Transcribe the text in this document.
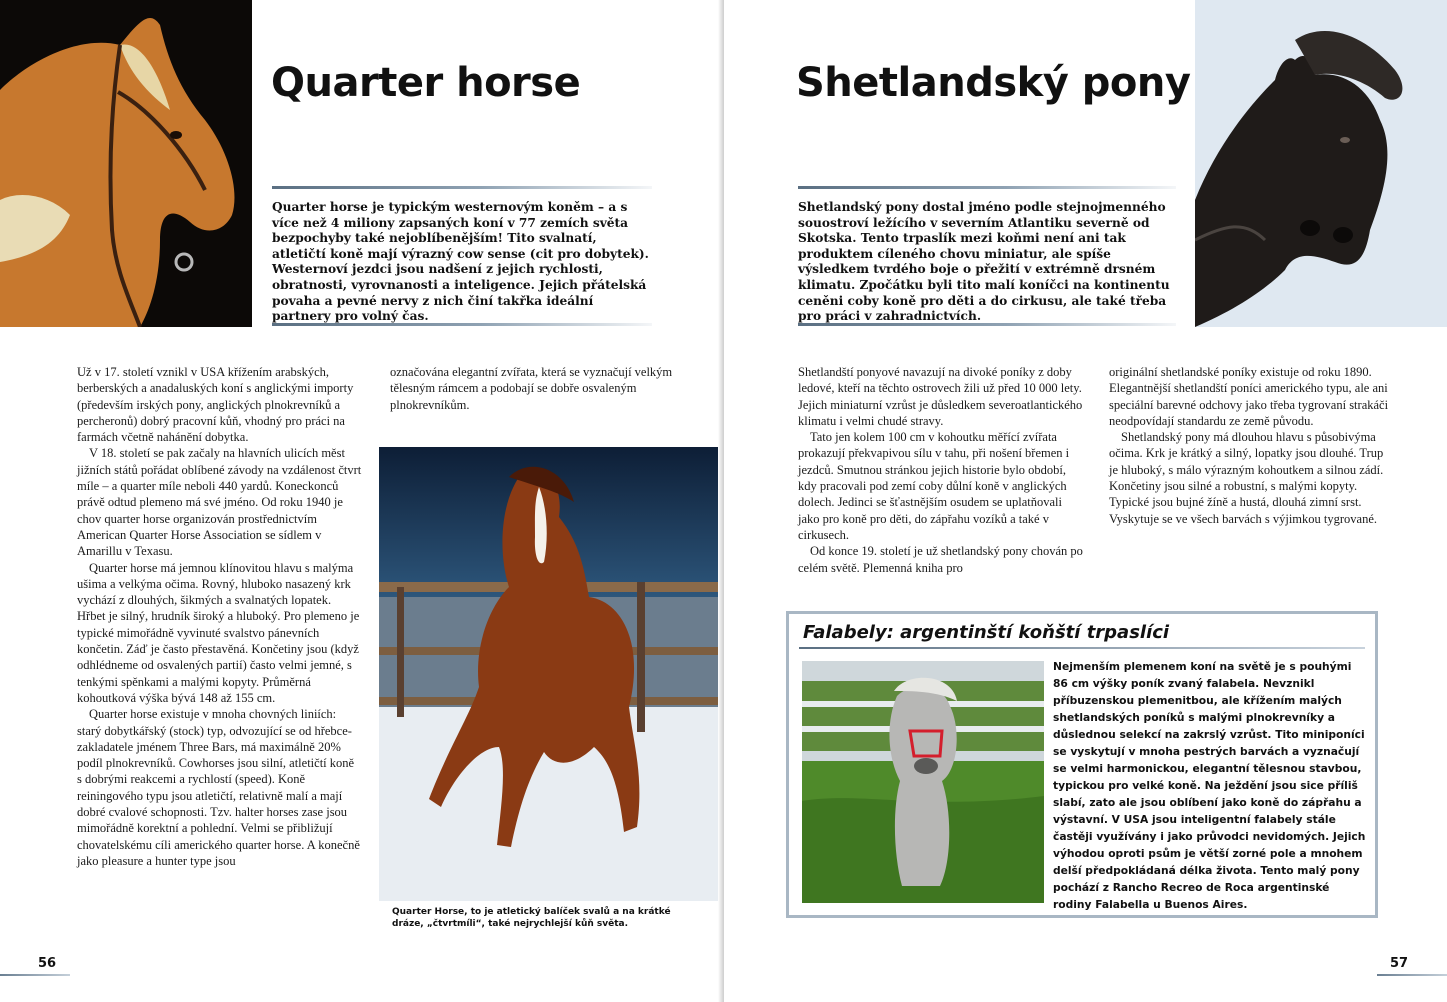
Quarter horse

Quarter horse je typickým westernovým koněm – a s více než 4 miliony zapsaných koní v 77 zemích světa bezpochyby také nejoblíbenějším! Tito svalnatí, atletičtí koně mají výrazný cow sense (cit pro dobytek). Westernoví jezdci jsou nadšení z jejich rychlosti, obratnosti, vyrovnanosti a inteligence. Jejich přátelská povaha a pevné nervy z nich činí takřka ideální partnery pro volný čas.

Už v 17. století vznikl v USA křížením arabských, berberských a anadaluských koní s anglickými importy (především irských pony, anglických plnokrevníků a percheronů) dobrý pracovní kůň, vhodný pro práci na farmách včetně nahánění dobytka.

V 18. století se pak začaly na hlavních ulicích měst jižních států pořádat oblíbené závody na vzdálenost čtvrt míle – a quarter míle neboli 440 yardů. Koneckonců právě odtud plemeno má své jméno. Od roku 1940 je chov quarter horse organizován prostřednictvím American Quarter Horse Association se sídlem v Amarillu v Texasu.

Quarter horse má jemnou klínovitou hlavu s malýma ušima a velkýma očima. Rovný, hluboko nasazený krk vychází z dlouhých, šikmých a svalnatých lopatek. Hřbet je silný, hrudník široký a hluboký. Pro plemeno je typické mimořádně vyvinuté svalstvo pánevních končetin. Záď je často přestavěná. Končetiny jsou (když odhlédneme od osvalených partií) často velmi jemné, s tenkými spěnkami a malými kopyty. Průměrná kohoutková výška bývá 148 až 155 cm.

Quarter horse existuje v mnoha chovných liniích: starý dobytkářský (stock) typ, odvozující se od hřebce-zakladatele jménem Three Bars, má maximálně 20% podíl plnokrevníků. Cowhorses jsou silní, atletičtí koně s dobrými reakcemi a rychlostí (speed). Koně reiningového typu jsou atletičtí, relativně malí a mají dobré cvalové schopnosti. Tzv. halter horses zase jsou mimořádně korektní a pohlední. Velmi se přibližují chovatelskému cíli amerického quarter horse. A konečně jako pleasure a hunter type jsou

označována elegantní zvířata, která se vyznačují velkým tělesným rámcem a podobají se dobře osvaleným plnokrevníkům.

Quarter Horse, to je atletický balíček svalů a na krátké dráze, „čtvrtmíli“, také nejrychlejší kůň světa.
56
Shetlandský pony

Shetlandský pony dostal jméno podle stejnojmenného souostroví ležícího v severním Atlantiku severně od Skotska. Tento trpaslík mezi koňmi není ani tak produktem cíleného chovu miniatur, ale spíše výsledkem tvrdého boje o přežití v extrémně drsném klimatu. Zpočátku byli tito malí koníčci na kontinentu ceněni coby koně pro děti a do cirkusu, ale také třeba pro práci v zahradnictvích.

Shetlandští ponyové navazují na divoké poníky z doby ledové, kteří na těchto ostrovech žili už před 10 000 lety. Jejich miniaturní vzrůst je důsledkem severoatlantického klimatu i velmi chudé stravy.

Tato jen kolem 100 cm v kohoutku měřící zvířata prokazují překvapivou sílu v tahu, při nošení břemen i jezdců. Smutnou stránkou jejich historie bylo období, kdy pracovali pod zemí coby důlní koně v anglických dolech. Jedinci se šťastnějším osudem se uplatňovali jako pro koně pro děti, do zápřahu vozíků a také v cirkusech.

Od konce 19. století je už shetlandský pony chován po celém světě. Plemenná kniha pro

originální shetlandské poníky existuje od roku 1890. Elegantnější shetlandští poníci amerického typu, ale ani speciální barevné odchovy jako třeba tygrovaní strakáči neodpovídají standardu ze země původu.

Shetlandský pony má dlouhou hlavu s působivýma očima. Krk je krátký a silný, lopatky jsou dlouhé. Trup je hluboký, s málo výrazným kohoutkem a silnou zádí. Končetiny jsou silné a robustní, s malými kopyty. Typické jsou bujné žíně a hustá, dlouhá zimní srst. Vyskytuje se ve všech barvách s výjimkou tygrované.

Falabely: argentinští koňští trpaslíci

Nejmenším plemenem koní na světě je s pouhými 86 cm výšky poník zvaný falabela. Nevznikl příbuzenskou plemenitbou, ale křížením malých shetlandských poníků s malými plnokrevníky a důslednou selekcí na zakrslý vzrůst. Tito miniponíci se vyskytují v mnoha pestrých barvách a vyznačují se velmi harmonickou, elegantní tělesnou stavbou, typickou pro velké koně. Na ježdění jsou sice příliš slabí, zato ale jsou oblíbení jako koně do zápřahu a výstavní. V USA jsou inteligentní falabely stále častěji využívány i jako průvodci nevidomých. Jejich výhodou oproti psům je větší zorné pole a mnohem delší předpokládaná délka života. Tento malý pony pochází z Rancho Recreo de Roca argentinské rodiny Falabella u Buenos Aires.

57
